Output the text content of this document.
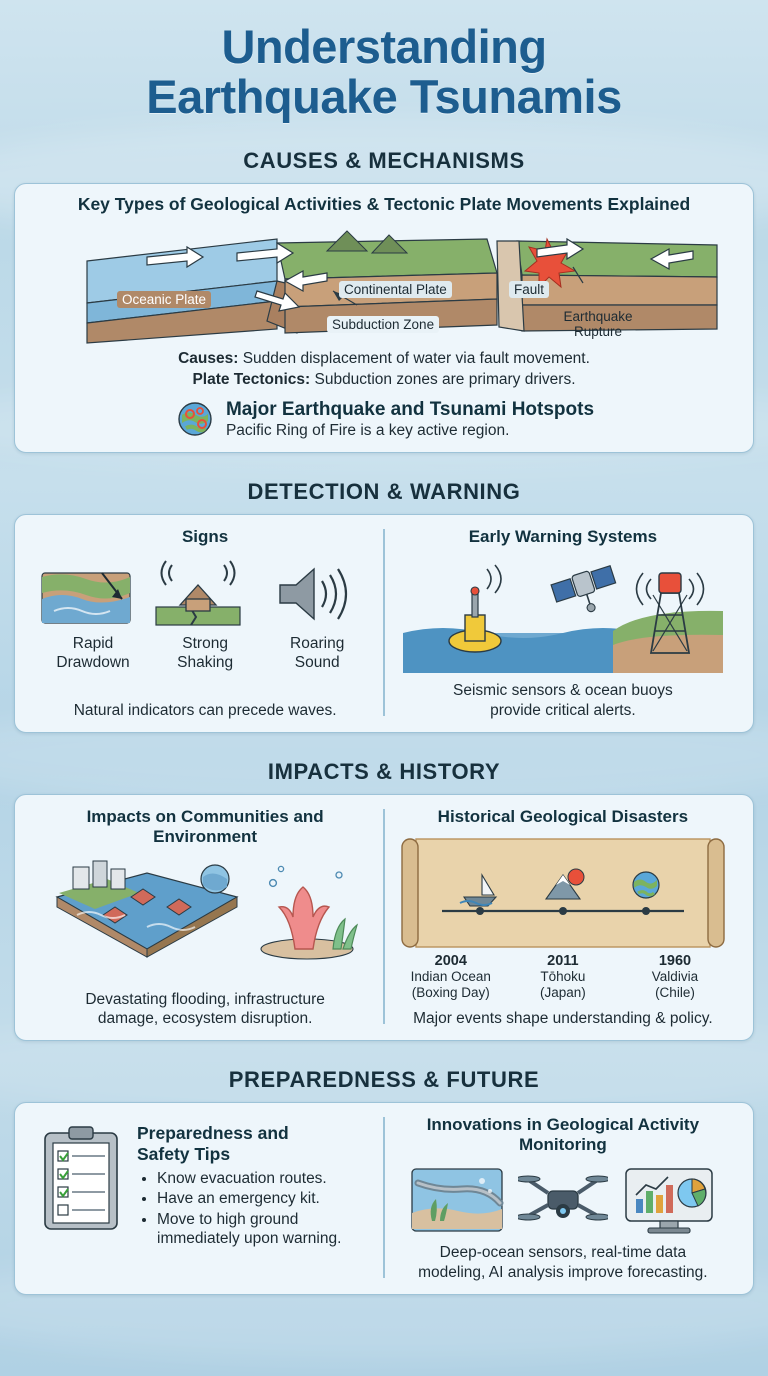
Understanding
Earthquake Tsunamis
CAUSES & MECHANISMS
Key Types of Geological Activities & Tectonic Plate Movements Explained
Oceanic Plate
Continental Plate
Subduction Zone
Fault
Earthquake
Rupture
Causes: Sudden displacement of water via fault movement.
Plate Tectonics: Subduction zones are primary drivers.
Major Earthquake and Tsunami Hotspots
Pacific Ring of Fire is a key active region.
DETECTION & WARNING
Signs
Rapid
Drawdown
Strong
Shaking
Roaring
Sound
Natural indicators can precede waves.
Early Warning Systems
Seismic sensors & ocean buoys
provide critical alerts.
IMPACTS & HISTORY
Impacts on Communities and
Environment
Devastating flooding, infrastructure
damage, ecosystem disruption.
Historical Geological Disasters
2004
Indian Ocean
(Boxing Day)
2011
Tōhoku
(Japan)
1960
Valdivia
(Chile)
Major events shape understanding & policy.
PREPAREDNESS & FUTURE
Preparedness and
Safety Tips
• Know evacuation routes.
• Have an emergency kit.
• Move to high ground immediately upon warning.
Innovations in Geological Activity
Monitoring
Deep-ocean sensors, real-time data
modeling, AI analysis improve forecasting.
